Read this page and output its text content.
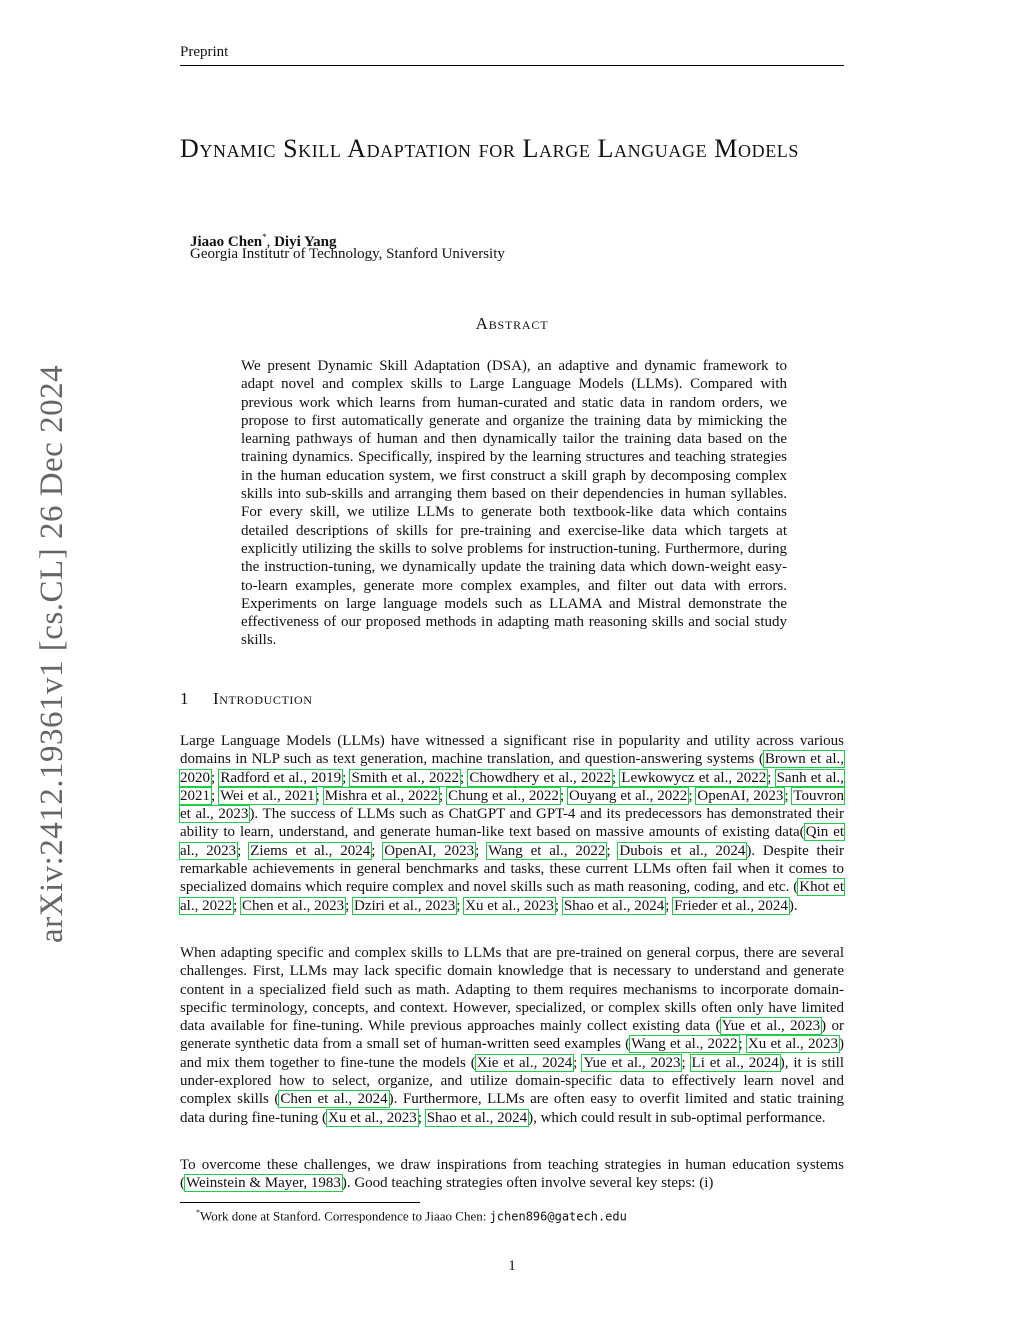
Preprint
Dynamic Skill Adaptation for Large Language Models
Jiaao Chen*, Diyi Yang
Georgia Institutr of Technology, Stanford University
Abstract

We present Dynamic Skill Adaptation (DSA), an adaptive and dynamic framework to adapt novel and complex skills to Large Language Models (LLMs). Compared with previous work which learns from human-curated and static data in random orders, we propose to first automatically generate and organize the training data by mimicking the learning pathways of human and then dynamically tailor the training data based on the training dynamics. Specifically, inspired by the learning structures and teaching strategies in the human education system, we first construct a skill graph by decomposing complex skills into sub-skills and arranging them based on their dependencies in human syllables. For every skill, we utilize LLMs to generate both textbook-like data which contains detailed descriptions of skills for pre-training and exercise-like data which targets at explicitly utilizing the skills to solve problems for instruction-tuning. Furthermore, during the instruction-tuning, we dynamically update the training data which down-weight easy-to-learn examples, generate more complex examples, and filter out data with errors. Experiments on large language models such as LLAMA and Mistral demonstrate the effectiveness of our proposed methods in adapting math reasoning skills and social study skills.

arXiv:2412.19361v1 [cs.CL] 26 Dec 2024	1 Introduction

Large Language Models (LLMs) have witnessed a significant rise in popularity and utility across various domains in NLP such as text generation, machine translation, and question-answering systems (Brown et al., 2020; Radford et al., 2019; Smith et al., 2022; Chowdhery et al., 2022; Lewkowycz et al., 2022; Sanh et al., 2021; Wei et al., 2021; Mishra et al., 2022; Chung et al., 2022; Ouyang et al., 2022; OpenAI, 2023; Touvron et al., 2023). The success of LLMs such as ChatGPT and GPT-4 and its predecessors has demonstrated their ability to learn, understand, and generate human-like text based on massive amounts of existing data(Qin et al., 2023; Ziems et al., 2024; OpenAI, 2023; Wang et al., 2022; Dubois et al., 2024). Despite their remarkable achievements in general benchmarks and tasks, these current LLMs often fail when it comes to specialized domains which require complex and novel skills such as math reasoning, coding, and etc. (Khot et al., 2022; Chen et al., 2023; Dziri et al., 2023; Xu et al., 2023; Shao et al., 2024; Frieder et al., 2024).

When adapting specific and complex skills to LLMs that are pre-trained on general corpus, there are several challenges. First, LLMs may lack specific domain knowledge that is necessary to understand and generate content in a specialized field such as math. Adapting to them requires mechanisms to incorporate domain-specific terminology, concepts, and context. However, specialized, or complex skills often only have limited data available for fine-tuning. While previous approaches mainly collect existing data (Yue et al., 2023) or generate synthetic data from a small set of human-written seed examples (Wang et al., 2022; Xu et al., 2023) and mix them together to fine-tune the models (Xie et al., 2024; Yue et al., 2023; Li et al., 2024), it is still under-explored how to select, organize, and utilize domain-specific data to effectively learn novel and complex skills (Chen et al., 2024). Furthermore, LLMs are often easy to overfit limited and static training data during fine-tuning (Xu et al., 2023; Shao et al., 2024), which could result in sub-optimal performance.

To overcome these challenges, we draw inspirations from teaching strategies in human education systems (Weinstein & Mayer, 1983). Good teaching strategies often involve several key steps: (i)

*Work done at Stanford. Correspondence to Jiaao Chen: jchen896@gatech.edu
1
